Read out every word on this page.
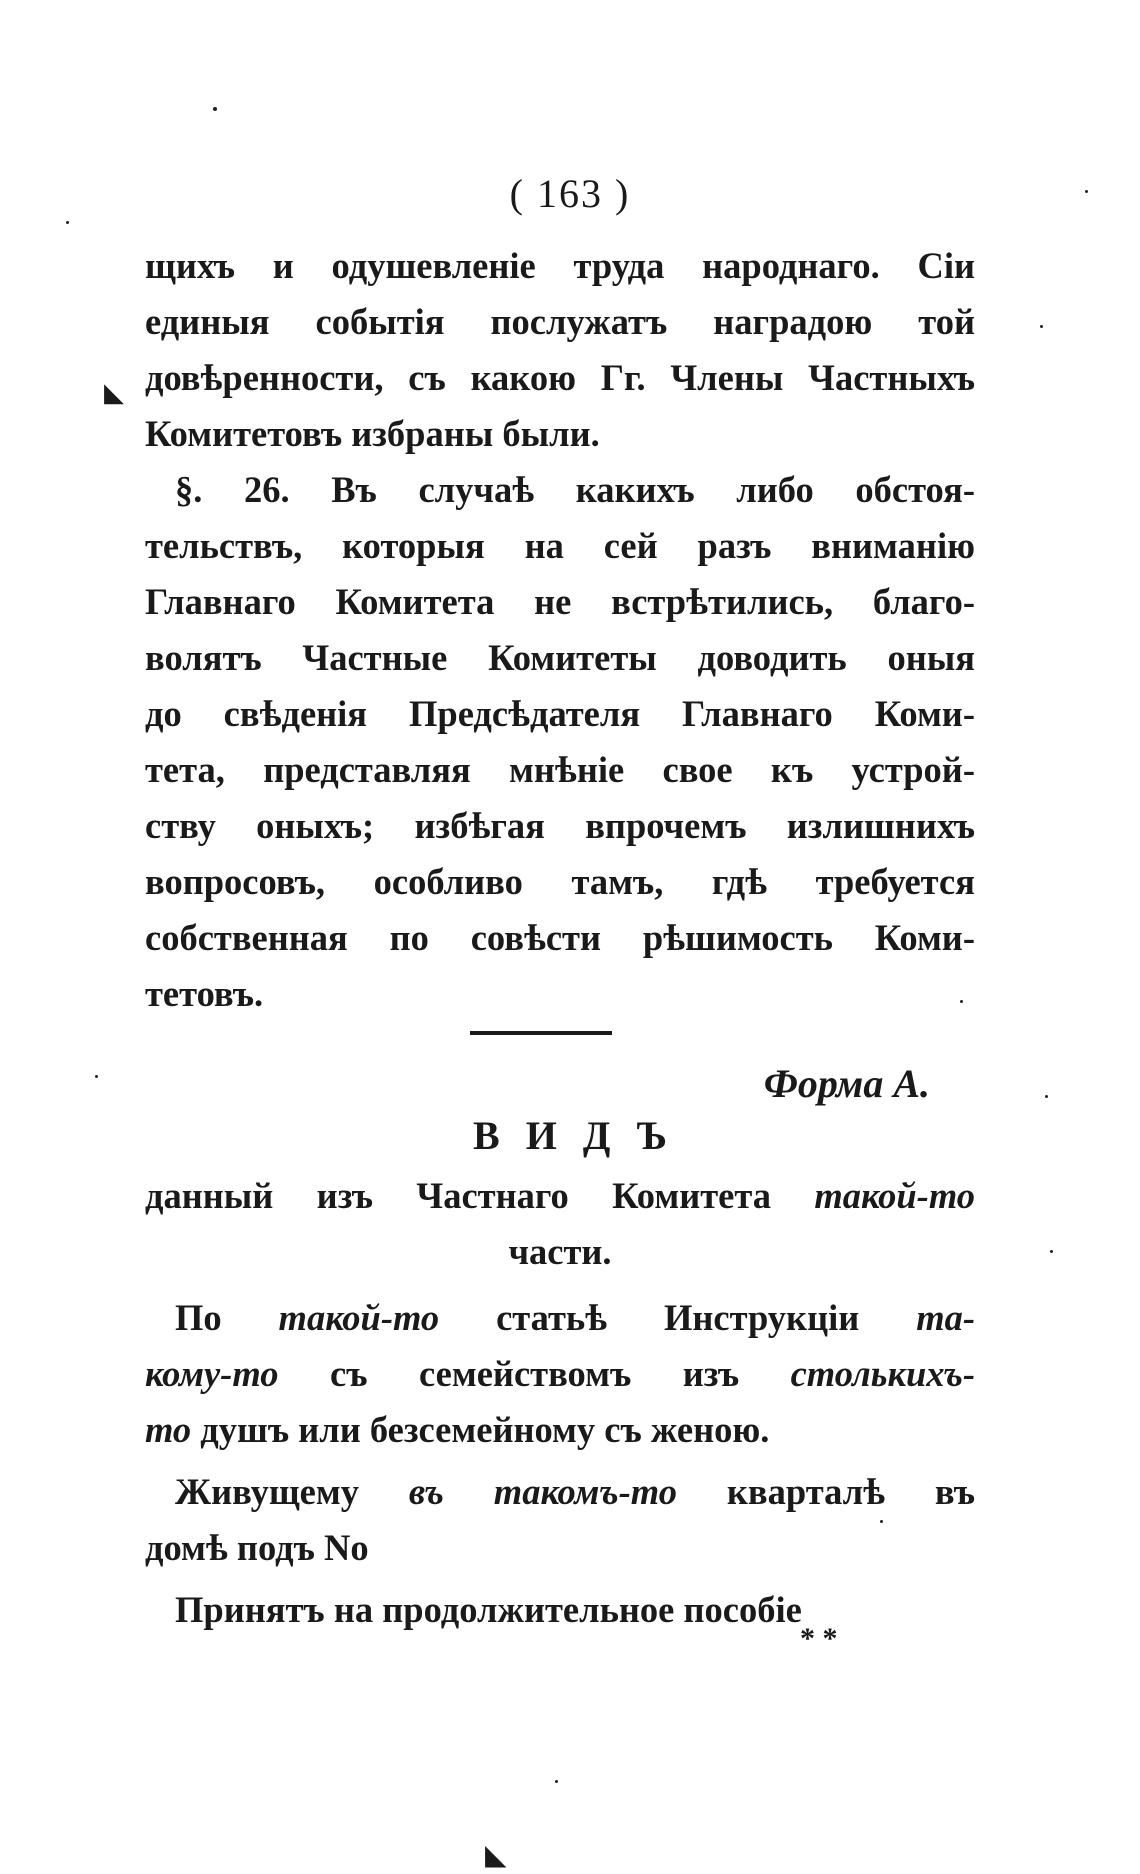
( 163 )
щихъ и одушевленіе труда народнаго. Сіи
единыя событія послужатъ наградою той
довѣренности, съ какою Гг. Члены Частныхъ
Комитетовъ избраны были.
§. 26. Въ случаѣ какихъ либо обстоя-
тельствъ, которыя на сей разъ вниманію
Главнаго Комитета не встрѣтились, благо-
волятъ Частные Комитеты доводить оныя
до свѣденія Предсѣдателя Главнаго Коми-
тета, представляя мнѣніе свое къ устрой-
ству оныхъ; избѣгая впрочемъ излишнихъ
вопросовъ, особливо тамъ, гдѣ требуется
собственная по совѣсти рѣшимость Коми-
тетовъ.
Форма А.
ВИДЪ
данный изъ Частнаго Комитета такой-то
части.
По такой-то статьѣ Инструкціи та-
кому-то съ семействомъ изъ столькихъ-
то душъ или безсемейному съ женою.
Живущему въ такомъ-то кварталѣ въ
домѣ подъ No
Принятъ на продолжительное пособіе
* *
◣
◣
